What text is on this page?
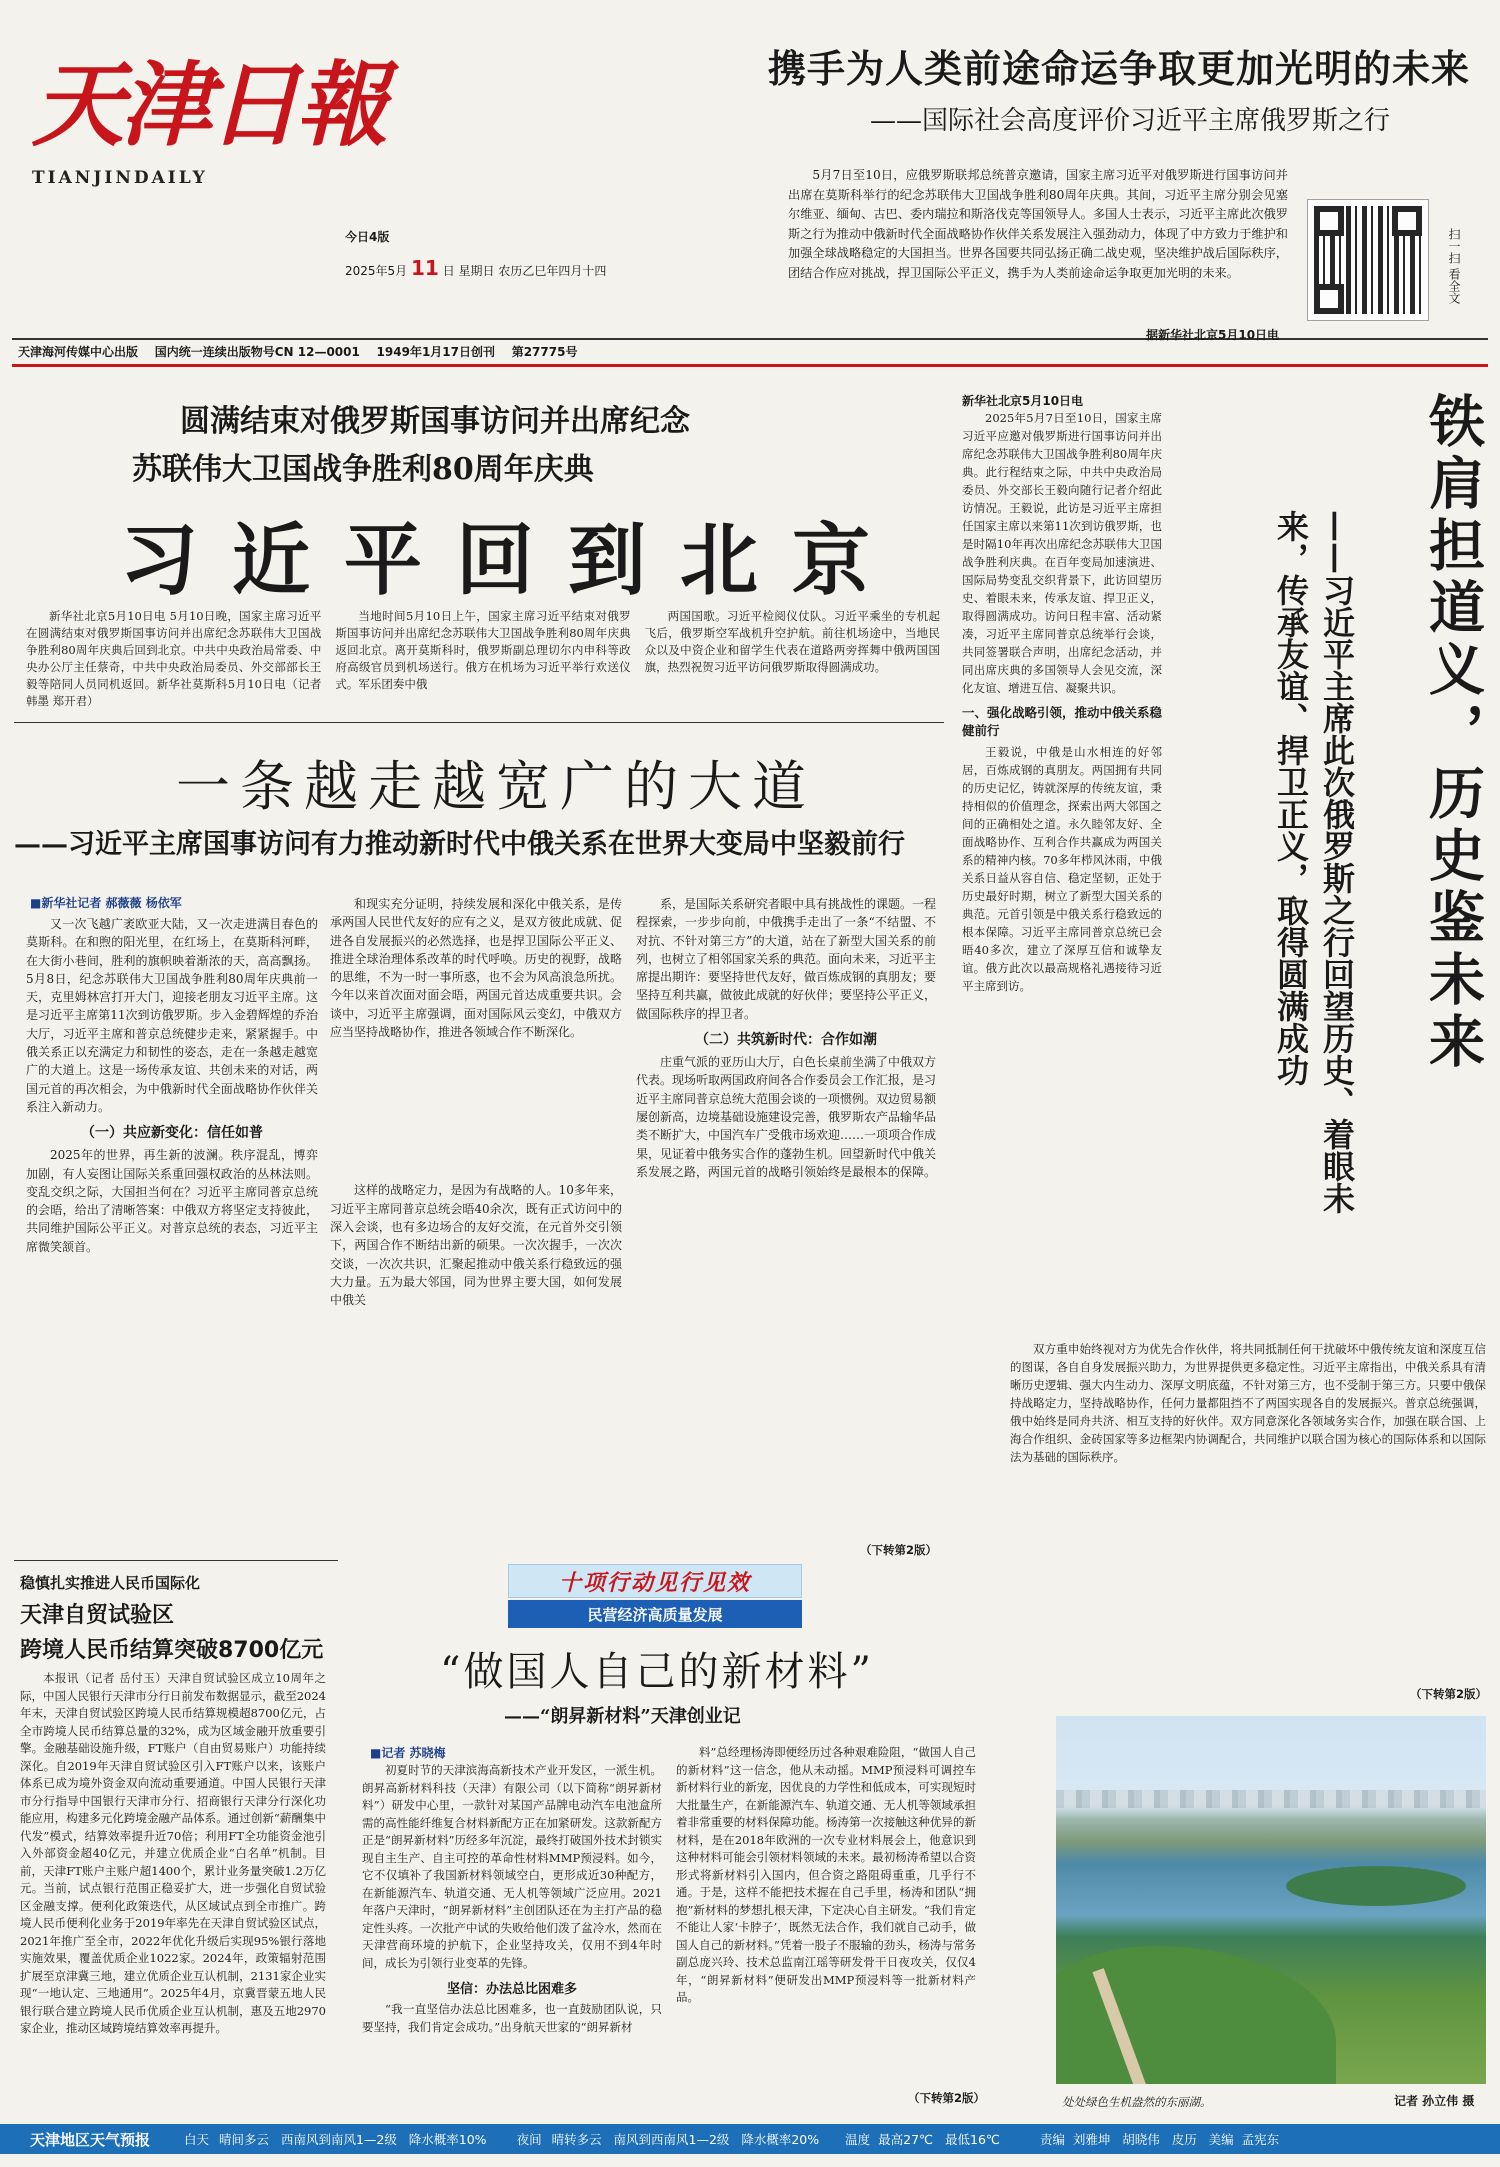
天津日報
TIANJINDAILY
今日4版
2025年5月 11 日 星期日 农历乙巳年四月十四
天津海河传媒中心出版    国内统一连续出版物号CN 12—0001    1949年1月17日创刊    第27775号
携手为人类前途命运争取更加光明的未来
——国际社会高度评价习近平主席俄罗斯之行
5月7日至10日，应俄罗斯联邦总统普京邀请，国家主席习近平对俄罗斯进行国事访问并出席在莫斯科举行的纪念苏联伟大卫国战争胜利80周年庆典。其间，习近平主席分别会见塞尔维亚、缅甸、古巴、委内瑞拉和斯洛伐克等国领导人。多国人士表示，习近平主席此次俄罗斯之行为推动中俄新时代全面战略协作伙伴关系发展注入强劲动力，体现了中方致力于维护和加强全球战略稳定的大国担当。世界各国要共同弘扬正确二战史观，坚决维护战后国际秩序，团结合作应对挑战，捍卫国际公平正义，携手为人类前途命运争取更加光明的未来。	扫一扫 看全文
据新华社北京5月10日电
圆满结束对俄罗斯国事访问并出席纪念
苏联伟大卫国战争胜利80周年庆典
习近平回到北京
新华社北京5月10日电 5月10日晚，国家主席习近平在圆满结束对俄罗斯国事访问并出席纪念苏联伟大卫国战争胜利80周年庆典后回到北京。中共中央政治局常委、中央办公厅主任蔡奇，中共中央政治局委员、外交部部长王毅等陪同人员同机返回。新华社莫斯科5月10日电（记者 韩墨 郑开君）
当地时间5月10日上午，国家主席习近平结束对俄罗斯国事访问并出席纪念苏联伟大卫国战争胜利80周年庆典返回北京。离开莫斯科时，俄罗斯副总理切尔内申科等政府高级官员到机场送行。俄方在机场为习近平举行欢送仪式。军乐团奏中俄
两国国歌。习近平检阅仪仗队。习近平乘坐的专机起飞后，俄罗斯空军战机升空护航。前往机场途中，当地民众以及中资企业和留学生代表在道路两旁挥舞中俄两国国旗，热烈祝贺习近平访问俄罗斯取得圆满成功。
新华社北京5月10日电
2025年5月7日至10日，国家主席习近平应邀对俄罗斯进行国事访问并出席纪念苏联伟大卫国战争胜利80周年庆典。此行程结束之际，中共中央政治局委员、外交部长王毅向随行记者介绍此访情况。王毅说，此访是习近平主席担任国家主席以来第11次到访俄罗斯，也是时隔10年再次出席纪念苏联伟大卫国战争胜利庆典。在百年变局加速演进、国际局势变乱交织背景下，此访回望历史、着眼未来，传承友谊、捍卫正义，取得圆满成功。访问日程丰富、活动紧凑，习近平主席同普京总统举行会谈，共同签署联合声明，出席纪念活动，并同出席庆典的多国领导人会见交流，深化友谊、增进互信、凝聚共识。
一、强化战略引领，推动中俄关系稳健前行
王毅说，中俄是山水相连的好邻居，百炼成钢的真朋友。两国拥有共同的历史记忆，铸就深厚的传统友谊，秉持相似的价值理念，探索出两大邻国之间的正确相处之道。永久睦邻友好、全面战略协作、互利合作共赢成为两国关系的精神内核。70多年栉风沐雨，中俄关系日益从容自信、稳定坚韧，正处于历史最好时期，树立了新型大国关系的典范。元首引领是中俄关系行稳致远的根本保障。习近平主席同普京总统已会晤40多次，建立了深厚互信和诚挚友谊。俄方此次以最高规格礼遇接待习近平主席到访。	铁肩担道义，历史鉴未来
——习近平主席此次俄罗斯之行回望历史、着眼未来，传承友谊、捍卫正义，取得圆满成功
双方重申始终视对方为优先合作伙伴，将共同抵制任何干扰破坏中俄传统友谊和深度互信的图谋，各自自身发展振兴助力，为世界提供更多稳定性。习近平主席指出，中俄关系具有清晰历史逻辑、强大内生动力、深厚文明底蕴，不针对第三方，也不受制于第三方。只要中俄保持战略定力，坚持战略协作，任何力量都阻挡不了两国实现各自的发展振兴。普京总统强调，俄中始终是同舟共济、相互支持的好伙伴。双方同意深化各领域务实合作，加强在联合国、上海合作组织、金砖国家等多边框架内协调配合，共同维护以联合国为核心的国际体系和以国际法为基础的国际秩序。
（下转第2版）
一条越走越宽广的大道
——习近平主席国事访问有力推动新时代中俄关系在世界大变局中坚毅前行
■新华社记者 郝薇薇 杨依军
又一次飞越广袤欧亚大陆，又一次走进满目春色的莫斯科。在和煦的阳光里，在红场上，在莫斯科河畔，在大街小巷间，胜利的旗帜映着渐浓的天，高高飘扬。5月8日，纪念苏联伟大卫国战争胜利80周年庆典前一天，克里姆林宫打开大门，迎接老朋友习近平主席。这是习近平主席第11次到访俄罗斯。步入金碧辉煌的乔治大厅，习近平主席和普京总统健步走来，紧紧握手。中俄关系正以充满定力和韧性的姿态，走在一条越走越宽广的大道上。这是一场传承友谊、共创未来的对话，两国元首的再次相会，为中俄新时代全面战略协作伙伴关系注入新动力。
（一）共应新变化：信任如普
2025年的世界，再生新的波澜。秩序混乱，博弈加剧，有人妄图让国际关系重回强权政治的丛林法则。变乱交织之际，大国担当何在？习近平主席同普京总统的会晤，给出了清晰答案：中俄双方将坚定支持彼此，共同维护国际公平正义。对普京总统的表态，习近平主席微笑颔首。
和现实充分证明，持续发展和深化中俄关系，是传承两国人民世代友好的应有之义，是双方彼此成就、促进各自发展振兴的必然选择，也是捍卫国际公平正义、推进全球治理体系改革的时代呼唤。历史的视野，战略的思维，不为一时一事所惑，也不会为风高浪急所扰。今年以来首次面对面会晤，两国元首达成重要共识。会谈中，习近平主席强调，面对国际风云变幻，中俄双方应当坚持战略协作，推进各领域合作不断深化。
这样的战略定力，是因为有战略的人。10多年来，习近平主席同普京总统会晤40余次，既有正式访问中的深入会谈，也有多边场合的友好交流，在元首外交引领下，两国合作不断结出新的硕果。一次次握手，一次次交谈，一次次共识，汇聚起推动中俄关系行稳致远的强大力量。五为最大邻国，同为世界主要大国，如何发展中俄关
系，是国际关系研究者眼中具有挑战性的课题。一程程探索，一步步向前，中俄携手走出了一条“不结盟、不对抗、不针对第三方”的大道，站在了新型大国关系的前列，也树立了相邻国家关系的典范。面向未来，习近平主席提出期许：要坚持世代友好，做百炼成钢的真朋友；要坚持互利共赢，做彼此成就的好伙伴；要坚持公平正义，做国际秩序的捍卫者。
（二）共筑新时代：合作如潮
庄重气派的亚历山大厅，白色长桌前坐满了中俄双方代表。现场听取两国政府间各合作委员会工作汇报，是习近平主席同普京总统大范围会谈的一项惯例。双边贸易额屡创新高，边境基础设施建设完善，俄罗斯农产品输华品类不断扩大，中国汽车广受俄市场欢迎……一项项合作成果，见证着中俄务实合作的蓬勃生机。回望新时代中俄关系发展之路，两国元首的战略引领始终是最根本的保障。
（下转第2版）
稳慎扎实推进人民币国际化
天津自贸试验区
跨境人民币结算突破8700亿元
本报讯（记者 岳付玉）天津自贸试验区成立10周年之际，中国人民银行天津市分行日前发布数据显示，截至2024年末，天津自贸试验区跨境人民币结算规模超8700亿元，占全市跨境人民币结算总量的32%，成为区域金融开放重要引擎。金融基础设施升级，FT账户（自由贸易账户）功能持续深化。自2019年天津自贸试验区引入FT账户以来，该账户体系已成为境外资金双向流动重要通道。中国人民银行天津市分行指导中国银行天津市分行、招商银行天津分行深化功能应用，构建多元化跨境金融产品体系。通过创新“薪酬集中代发”模式，结算效率提升近70倍；利用FT全功能资金池引入外部资金超40亿元，并建立优质企业“白名单”机制。目前，天津FT账户主账户超1400个，累计业务量突破1.2万亿元。当前，试点银行范围正稳妥扩大，进一步强化自贸试验区金融支撑。便利化政策迭代，从区域试点到全市推广。跨境人民币便利化业务于2019年率先在天津自贸试验区试点，2021年推广至全市，2022年优化升级后实现95%银行落地实施效果，覆盖优质企业1022家。2024年，政策辐射范围扩展至京津冀三地，建立优质企业互认机制，2131家企业实现“一地认定、三地通用”。2025年4月，京冀晋蒙五地人民银行联合建立跨境人民币优质企业互认机制，惠及五地2970家企业，推动区域跨境结算效率再提升。
十项行动见行见效
民营经济高质量发展
“做国人自己的新材料”
——“朗昇新材料”天津创业记
■记者 苏晓梅
初夏时节的天津滨海高新技术产业开发区，一派生机。朗昇高新材料科技（天津）有限公司（以下简称“朗昇新材料”）研发中心里，一款针对某国产品牌电动汽车电池盒所需的高性能纤维复合材料新配方正在加紧研发。这款新配方正是“朗昇新材料”历经多年沉淀，最终打破国外技术封锁实现自主生产、自主可控的革命性材料MMP预浸料。如今，它不仅填补了我国新材料领域空白，更形成近30种配方，在新能源汽车、轨道交通、无人机等领域广泛应用。2021年落户天津时，“朗昇新材料”主创团队还在为主打产品的稳定性头疼。一次批产中试的失败给他们泼了盆冷水，然而在天津营商环境的护航下，企业坚持攻关，仅用不到4年时间，成长为引领行业变革的先锋。
坚信：办法总比困难多
“我一直坚信办法总比困难多，也一直鼓励团队说，只要坚持，我们肯定会成功。”出身航天世家的“朗昇新材
料”总经理杨涛即便经历过各种艰难险阻，“做国人自己的新材料”这一信念，他从未动摇。MMP预浸料可调控车新材料行业的新宠，因优良的力学性和低成本，可实现短时大批量生产，在新能源汽车、轨道交通、无人机等领域承担着非常重要的材料保障功能。杨涛第一次接触这种优异的新材料，是在2018年欧洲的一次专业材料展会上，他意识到这种材料可能会引领材料领域的未来。最初杨涛希望以合资形式将新材料引入国内，但合资之路阻碍重重，几乎行不通。于是，这样不能把技术握在自己手里，杨涛和团队“拥抱”新材料的梦想扎根天津，下定决心自主研发。“我们肯定不能让人家‘卡脖子’，既然无法合作，我们就自己动手，做国人自己的新材料。”凭着一股子不服输的劲头，杨涛与常务副总庞兴玲、技术总监南江瑶等研发骨干日夜攻关，仅仅4年，“朗昇新材料”便研发出MMP预浸料等一批新材料产品。
（下转第2版）	处处绿色生机盎然的东丽湖。	记者 孙立伟 摄
天津地区天气预报	白天 晴间多云   西南风到南风1—2级   降水概率10% 夜间 晴转多云   南风到西南风1—2级   降水概率20% 温度 最高27℃   最低16℃	责编  刘雅坤   胡晓伟   皮历   美编  孟宪东
